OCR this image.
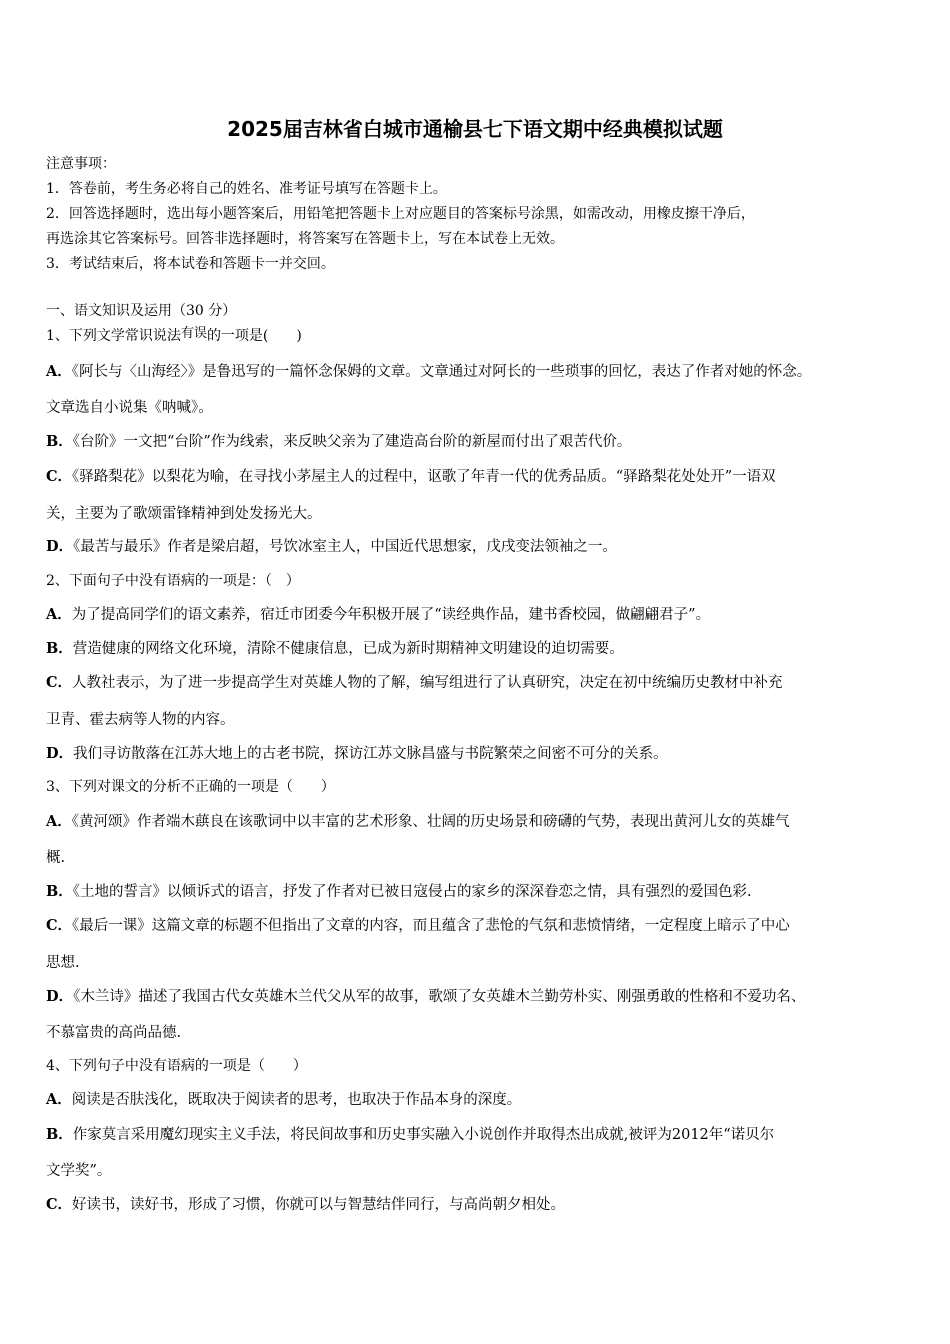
2025届吉林省白城市通榆县七下语文期中经典模拟试题
注意事项：
1．答卷前，考生务必将自己的姓名、准考证号填写在答题卡上。
2．回答选择题时，选出每小题答案后，用铅笔把答题卡上对应题目的答案标号涂黑，如需改动，用橡皮擦干净后，
再选涂其它答案标号。回答非选择题时，将答案写在答题卡上，写在本试卷上无效。
3．考试结束后，将本试卷和答题卡一并交回。
一、语文知识及运用（30 分）
1、下列文学常识说法有误的一项是(　　)
A．《阿长与〈山海经〉》是鲁迅写的一篇怀念保姆的文章。文章通过对阿长的一些琐事的回忆，表达了作者对她的怀念。
文章选自小说集《呐喊》。
B．《台阶》一文把“台阶”作为线索，来反映父亲为了建造高台阶的新屋而付出了艰苦代价。
C．《驿路梨花》以梨花为喻，在寻找小茅屋主人的过程中，讴歌了年青一代的优秀品质。“驿路梨花处处开”一语双
关，主要为了歌颂雷锋精神到处发扬光大。
D．《最苦与最乐》作者是梁启超，号饮冰室主人，中国近代思想家，戊戌变法领袖之一。
2、下面句子中没有语病的一项是：（　）
A．为了提高同学们的语文素养，宿迁市团委今年积极开展了“读经典作品，建书香校园，做翩翩君子”。
B．营造健康的网络文化环境，清除不健康信息，已成为新时期精神文明建设的迫切需要。
C．人教社表示，为了进一步提高学生对英雄人物的了解，编写组进行了认真研究，决定在初中统编历史教材中补充
卫青、霍去病等人物的内容。
D．我们寻访散落在江苏大地上的古老书院，探访江苏文脉昌盛与书院繁荣之间密不可分的关系。
3、下列对课文的分析不正确的一项是（　　）
A．《黄河颂》作者端木蕻良在该歌词中以丰富的艺术形象、壮阔的历史场景和磅礴的气势，表现出黄河儿女的英雄气
概.
B．《土地的誓言》以倾诉式的语言，抒发了作者对已被日寇侵占的家乡的深深眷恋之情，具有强烈的爱国色彩.
C．《最后一课》这篇文章的标题不但指出了文章的内容，而且蕴含了悲怆的气氛和悲愤情绪，一定程度上暗示了中心
思想.
D．《木兰诗》描述了我国古代女英雄木兰代父从军的故事，歌颂了女英雄木兰勤劳朴实、刚强勇敢的性格和不爱功名、
不慕富贵的高尚品德.
4、下列句子中没有语病的一项是（　　）
A．阅读是否肤浅化，既取决于阅读者的思考，也取决于作品本身的深度。
B．作家莫言采用魔幻现实主义手法，将民间故事和历史事实融入小说创作并取得杰出成就,被评为2012年“诺贝尔
文学奖”。
C．好读书，读好书，形成了习惯，你就可以与智慧结伴同行，与高尚朝夕相处。
